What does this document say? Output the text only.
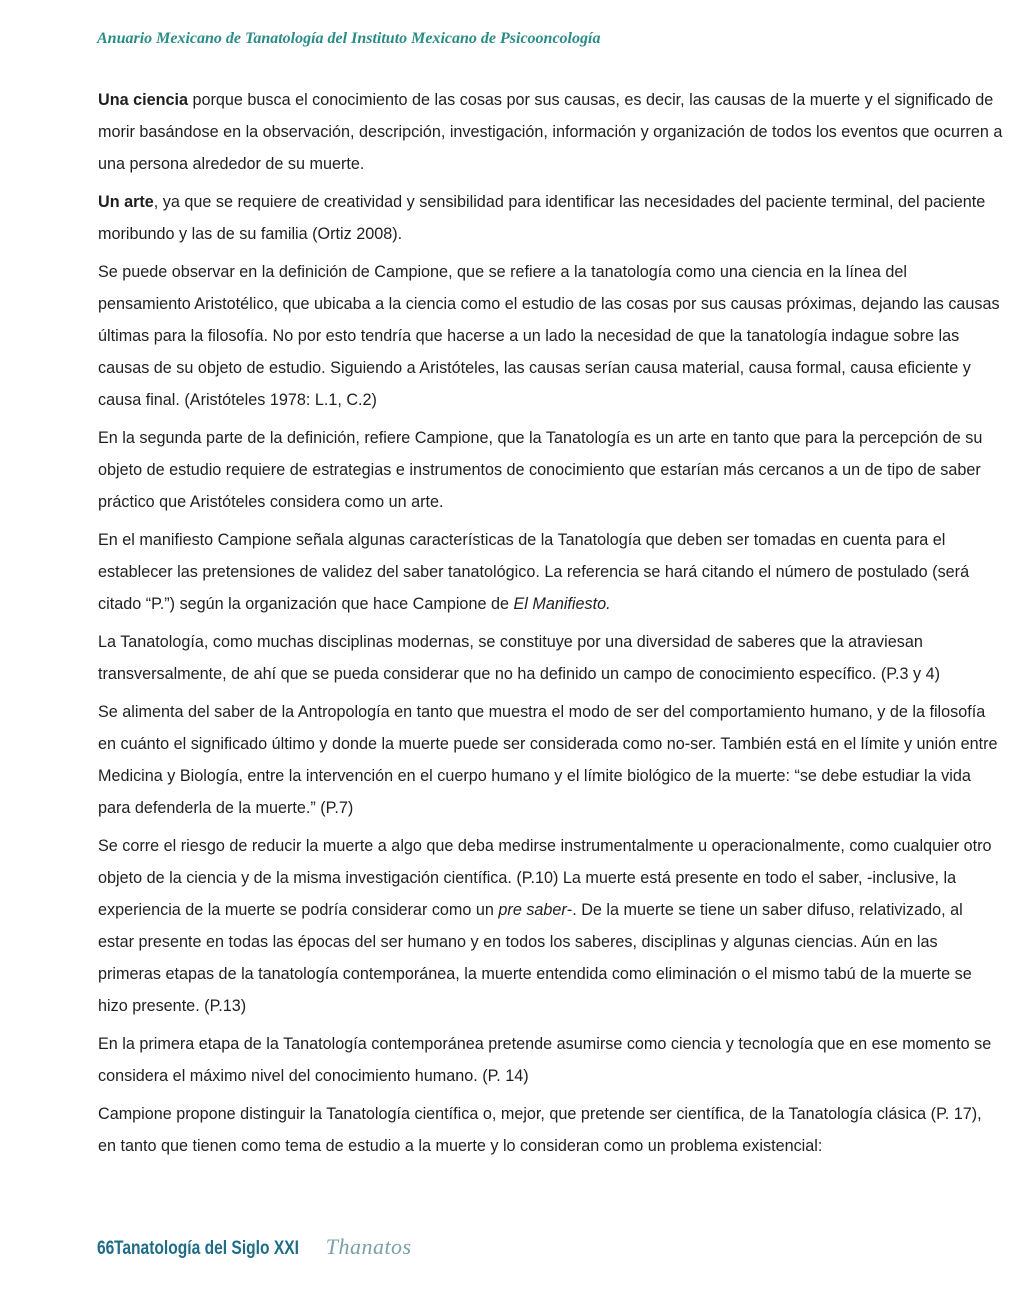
Anuario Mexicano de Tanatología del Instituto Mexicano de Psicooncología

Una ciencia porque busca el conocimiento de las cosas por sus causas, es decir, las causas de la muerte y el significado de morir basándose en la observación, descripción, investigación, información y organización de todos los eventos que ocurren a una persona alrededor de su muerte.

Un arte, ya que se requiere de creatividad y sensibilidad para identificar las necesidades del paciente terminal, del paciente moribundo y las de su familia (Ortiz 2008).

Se puede observar en la definición de Campione, que se refiere a la tanatología como una ciencia en la línea del pensamiento Aristotélico, que ubicaba a la ciencia como el estudio de las cosas por sus causas próximas, dejando las causas últimas para la filosofía. No por esto tendría que hacerse a un lado la necesidad de que la tanatología indague sobre las causas de su objeto de estudio. Siguiendo a Aristóteles, las causas serían causa material, causa formal, causa eficiente y causa final. (Aristóteles 1978: L.1, C.2)

En la segunda parte de la definición, refiere Campione, que la Tanatología es un arte en tanto que para la percepción de su objeto de estudio requiere de estrategias e instrumentos de conocimiento que estarían más cercanos a un de tipo de saber práctico que Aristóteles considera como un arte.

En el manifiesto Campione señala algunas características de la Tanatología que deben ser tomadas en cuenta para el establecer las pretensiones de validez del saber tanatológico. La referencia se hará citando el número de postulado (será citado “P.”) según la organización que hace Campione de El Manifiesto.

La Tanatología, como muchas disciplinas modernas, se constituye por una diversidad de saberes que la atraviesan transversalmente, de ahí que se pueda considerar que no ha definido un campo de conocimiento específico. (P.3 y 4)

Se alimenta del saber de la Antropología en tanto que muestra el modo de ser del comportamiento humano, y de la filosofía en cuánto el significado último y donde la muerte puede ser considerada como no-ser. También está en el límite y unión entre Medicina y Biología, entre la intervención en el cuerpo humano y el límite biológico de la muerte: “se debe estudiar la vida para defenderla de la muerte.” (P.7)

Se corre el riesgo de reducir la muerte a algo que deba medirse instrumentalmente u operacionalmente, como cualquier otro objeto de la ciencia y de la misma investigación científica. (P.10) La muerte está presente en todo el saber, -inclusive, la experiencia de la muerte se podría considerar como un pre saber-. De la muerte se tiene un saber difuso, relativizado, al estar presente en todas las épocas del ser humano y en todos los saberes, disciplinas y algunas ciencias. Aún en las primeras etapas de la tanatología contemporánea, la muerte entendida como eliminación o el mismo tabú de la muerte se hizo presente. (P.13)

En la primera etapa de la Tanatología contemporánea pretende asumirse como ciencia y tecnología que en ese momento se considera el máximo nivel del conocimiento humano. (P. 14)

Campione propone distinguir la Tanatología científica o, mejor, que pretende ser científica, de la Tanatología clásica (P. 17), en tanto que tienen como tema de estudio a la muerte y lo consideran como un problema existencial:

66 Tanatología del Siglo XXI Thanatos
